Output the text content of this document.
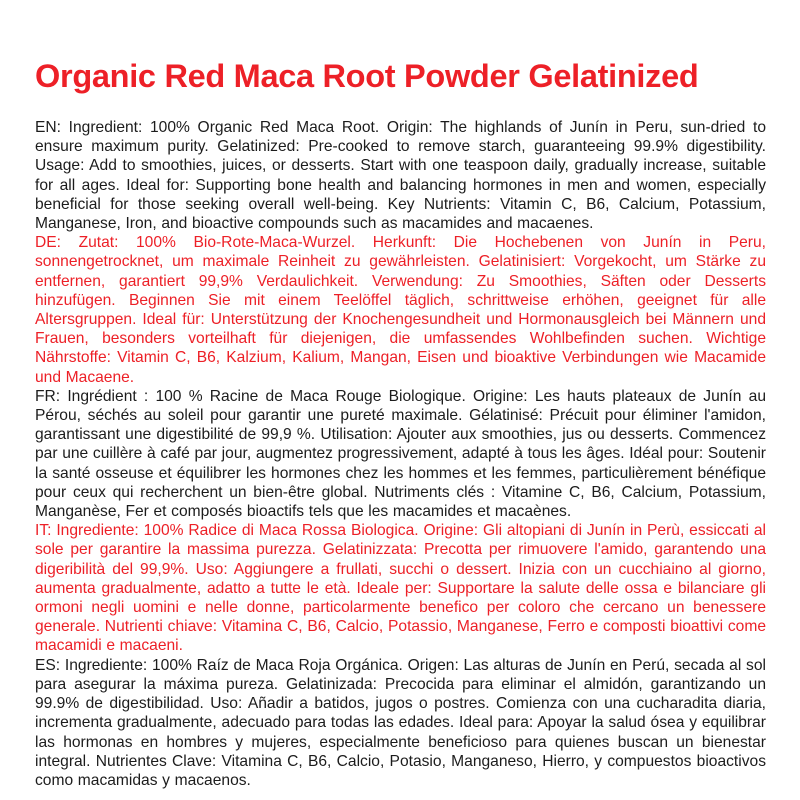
Organic Red Maca Root Powder Gelatinized

EN: Ingredient: 100% Organic Red Maca Root. Origin: The highlands of Junín in Peru, sun-dried to ensure maximum purity. Gelatinized: Pre-cooked to remove starch, guaranteeing 99.9% digestibility. Usage: Add to smoothies, juices, or desserts. Start with one teaspoon daily, gradually increase, suitable for all ages. Ideal for: Supporting bone health and balancing hormones in men and women, especially beneficial for those seeking overall well-being. Key Nutrients: Vitamin C, B6, Calcium, Potassium, Manganese, Iron, and bioactive compounds such as macamides and macaenes.

DE: Zutat: 100% Bio-Rote-Maca-Wurzel. Herkunft: Die Hochebenen von Junín in Peru, sonnengetrocknet, um maximale Reinheit zu gewährleisten. Gelatinisiert: Vorgekocht, um Stärke zu entfernen, garantiert 99,9% Verdaulichkeit. Verwendung: Zu Smoothies, Säften oder Desserts hinzufügen. Beginnen Sie mit einem Teelöffel täglich, schrittweise erhöhen, geeignet für alle Altersgruppen. Ideal für: Unterstützung der Knochengesundheit und Hormonausgleich bei Männern und Frauen, besonders vorteilhaft für diejenigen, die umfassendes Wohlbefinden suchen. Wichtige Nährstoffe: Vitamin C, B6, Kalzium, Kalium, Mangan, Eisen und bioaktive Verbindungen wie Macamide und Macaene.

FR: Ingrédient : 100 % Racine de Maca Rouge Biologique. Origine: Les hauts plateaux de Junín au Pérou, séchés au soleil pour garantir une pureté maximale. Gélatinisé: Précuit pour éliminer l'amidon, garantissant une digestibilité de 99,9 %. Utilisation: Ajouter aux smoothies, jus ou desserts. Commencez par une cuillère à café par jour, augmentez progressivement, adapté à tous les âges. Idéal pour: Soutenir la santé osseuse et équilibrer les hormones chez les hommes et les femmes, particulièrement bénéfique pour ceux qui recherchent un bien-être global. Nutriments clés : Vitamine C, B6, Calcium, Potassium, Manganèse, Fer et composés bioactifs tels que les macamides et macaènes.

IT: Ingrediente: 100% Radice di Maca Rossa Biologica. Origine: Gli altopiani di Junín in Perù, essiccati al sole per garantire la massima purezza. Gelatinizzata: Precotta per rimuovere l'amido, garantendo una digeribilità del 99,9%. Uso: Aggiungere a frullati, succhi o dessert. Inizia con un cucchiaino al giorno, aumenta gradualmente, adatto a tutte le età. Ideale per: Supportare la salute delle ossa e bilanciare gli ormoni negli uomini e nelle donne, particolarmente benefico per coloro che cercano un benessere generale. Nutrienti chiave: Vitamina C, B6, Calcio, Potassio, Manganese, Ferro e composti bioattivi come macamidi e macaeni.

ES: Ingrediente: 100% Raíz de Maca Roja Orgánica. Origen: Las alturas de Junín en Perú, secada al sol para asegurar la máxima pureza. Gelatinizada: Precocida para eliminar el almidón, garantizando un 99.9% de digestibilidad. Uso: Añadir a batidos, jugos o postres. Comienza con una cucharadita diaria, incrementa gradualmente, adecuado para todas las edades. Ideal para: Apoyar la salud ósea y equilibrar las hormonas en hombres y mujeres, especialmente beneficioso para quienes buscan un bienestar integral. Nutrientes Clave: Vitamina C, B6, Calcio, Potasio, Manganeso, Hierro, y compuestos bioactivos como macamidas y macaenos.
